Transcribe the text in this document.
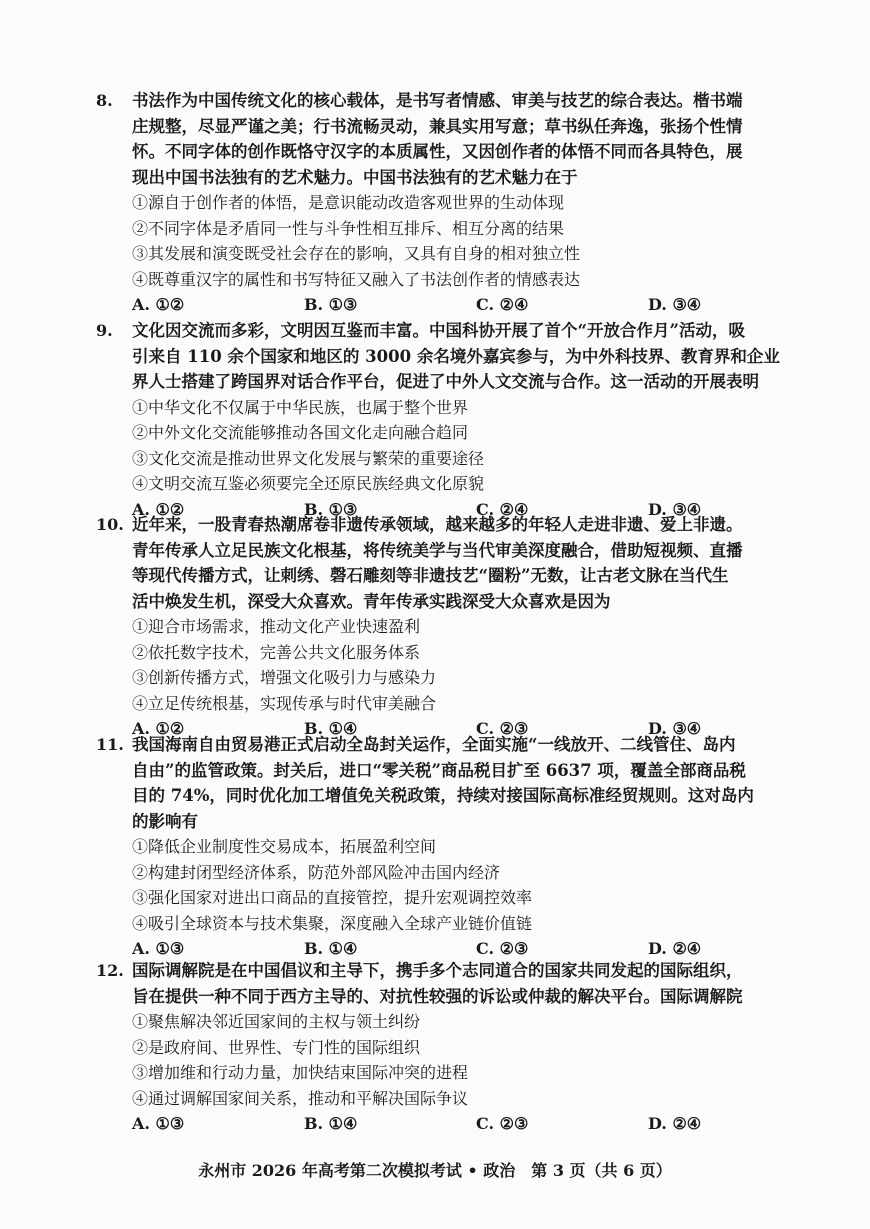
8. 书法作为中国传统文化的核心载体，是书写者情感、审美与技艺的综合表达。楷书端
庄规整，尽显严谨之美；行书流畅灵动，兼具实用写意；草书纵任奔逸，张扬个性情
怀。不同字体的创作既恪守汉字的本质属性，又因创作者的体悟不同而各具特色，展
现出中国书法独有的艺术魅力。中国书法独有的艺术魅力在于
①源自于创作者的体悟，是意识能动改造客观世界的生动体现
②不同字体是矛盾同一性与斗争性相互排斥、相互分离的结果
③其发展和演变既受社会存在的影响，又具有自身的相对独立性
④既尊重汉字的属性和书写特征又融入了书法创作者的情感表达
A. ①②	B. ①③	C. ②④	D. ③④
9. 文化因交流而多彩，文明因互鉴而丰富。中国科协开展了首个“开放合作月”活动，吸
引来自 110 余个国家和地区的 3000 余名境外嘉宾参与，为中外科技界、教育界和企业
界人士搭建了跨国界对话合作平台，促进了中外人文交流与合作。这一活动的开展表明
①中华文化不仅属于中华民族，也属于整个世界
②中外文化交流能够推动各国文化走向融合趋同
③文化交流是推动世界文化发展与繁荣的重要途径
④文明交流互鉴必须要完全还原民族经典文化原貌
A. ①②	B. ①③	C. ②④	D. ③④
10. 近年来，一股青春热潮席卷非遗传承领域，越来越多的年轻人走进非遗、爱上非遗。
青年传承人立足民族文化根基，将传统美学与当代审美深度融合，借助短视频、直播
等现代传播方式，让刺绣、磬石雕刻等非遗技艺“圈粉”无数，让古老文脉在当代生
活中焕发生机，深受大众喜欢。青年传承实践深受大众喜欢是因为
①迎合市场需求，推动文化产业快速盈利
②依托数字技术，完善公共文化服务体系
③创新传播方式，增强文化吸引力与感染力
④立足传统根基，实现传承与时代审美融合
A. ①②	B. ①④	C. ②③	D. ③④
11. 我国海南自由贸易港正式启动全岛封关运作，全面实施“一线放开、二线管住、岛内
自由”的监管政策。封关后，进口“零关税”商品税目扩至 6637 项，覆盖全部商品税
目的 74%，同时优化加工增值免关税政策，持续对接国际高标准经贸规则。这对岛内
的影响有
①降低企业制度性交易成本，拓展盈利空间
②构建封闭型经济体系，防范外部风险冲击国内经济
③强化国家对进出口商品的直接管控，提升宏观调控效率
④吸引全球资本与技术集聚，深度融入全球产业链价值链
A. ①③	B. ①④	C. ②③	D. ②④
12. 国际调解院是在中国倡议和主导下，携手多个志同道合的国家共同发起的国际组织，
旨在提供一种不同于西方主导的、对抗性较强的诉讼或仲裁的解决平台。国际调解院
①聚焦解决邻近国家间的主权与领土纠纷
②是政府间、世界性、专门性的国际组织
③增加维和行动力量，加快结束国际冲突的进程
④通过调解国家间关系，推动和平解决国际争议
A. ①③	B. ①④	C. ②③	D. ②④
永州市 2026 年高考第二次模拟考试 • 政治　第 3 页（共 6 页）
